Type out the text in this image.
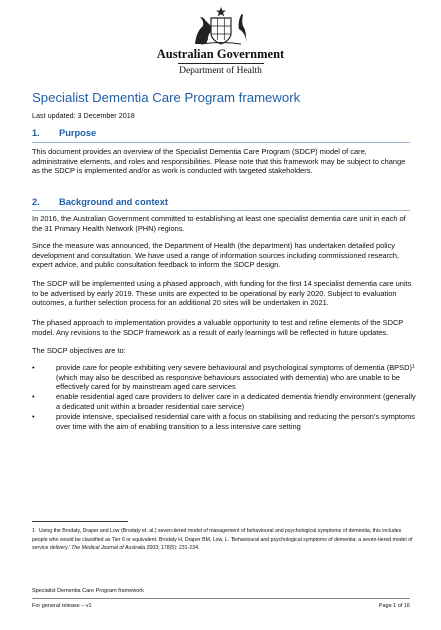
Australian Government
Department of Health
Specialist Dementia Care Program framework
Last updated: 3 December 2018
1. Purpose
This document provides an overview of the Specialist Dementia Care Program (SDCP) model of care, administrative elements, and roles and responsibilities. Please note that this framework may be subject to change as the SDCP is implemented and/or as work is conducted with targeted stakeholders.
2. Background and context
In 2016, the Australian Government committed to establishing at least one specialist dementia care unit in each of the 31 Primary Health Network (PHN) regions.
Since the measure was announced, the Department of Health (the department) has undertaken detailed policy development and consultation. We have used a range of information sources including commissioned research, expert advice, and public consultation feedback to inform the SDCP design.
The SDCP will be implemented using a phased approach, with funding for the first 14 specialist dementia care units to be advertised by early 2019. These units are expected to be operational by early 2020. Subject to evaluation outcomes, a further selection process for an additional 20 sites will be undertaken in 2021.
The phased approach to implementation provides a valuable opportunity to test and refine elements of the SDCP model. Any revisions to the SDCP framework as a result of early learnings will be reflected in future updates.
The SDCP objectives are to:
•	provide care for people exhibiting very severe behavioural and psychological symptoms of dementia (BPSD)$^1$ (which may also be described as responsive behaviours associated with dementia) who are unable to be effectively cared for by mainstream aged care services
•	enable residential aged care providers to deliver care in a dedicated dementia friendly environment (generally a dedicated unit within a broader residential care service)
•	provide intensive, specialised residential care with a focus on stabilising and reducing the person's symptoms over time with the aim of enabling transition to a less intensive care setting
$^1$ Using the Brodaty, Draper and Low (Brodaty et. al.) seven-tiered model of management of behavioural and psychological symptoms of dementia, this includes people who would be classified as Tier 6 or equivalent. Brodaty H, Draper BM, Low, L. 'Behavioural and psychological symptoms of dementia: a seven-tiered model of service delivery.' The Medical Journal of Australia 2003; 178(5): 231-234.
Specialist Dementia Care Program framework
For general release – v1	Page 1 of 16
